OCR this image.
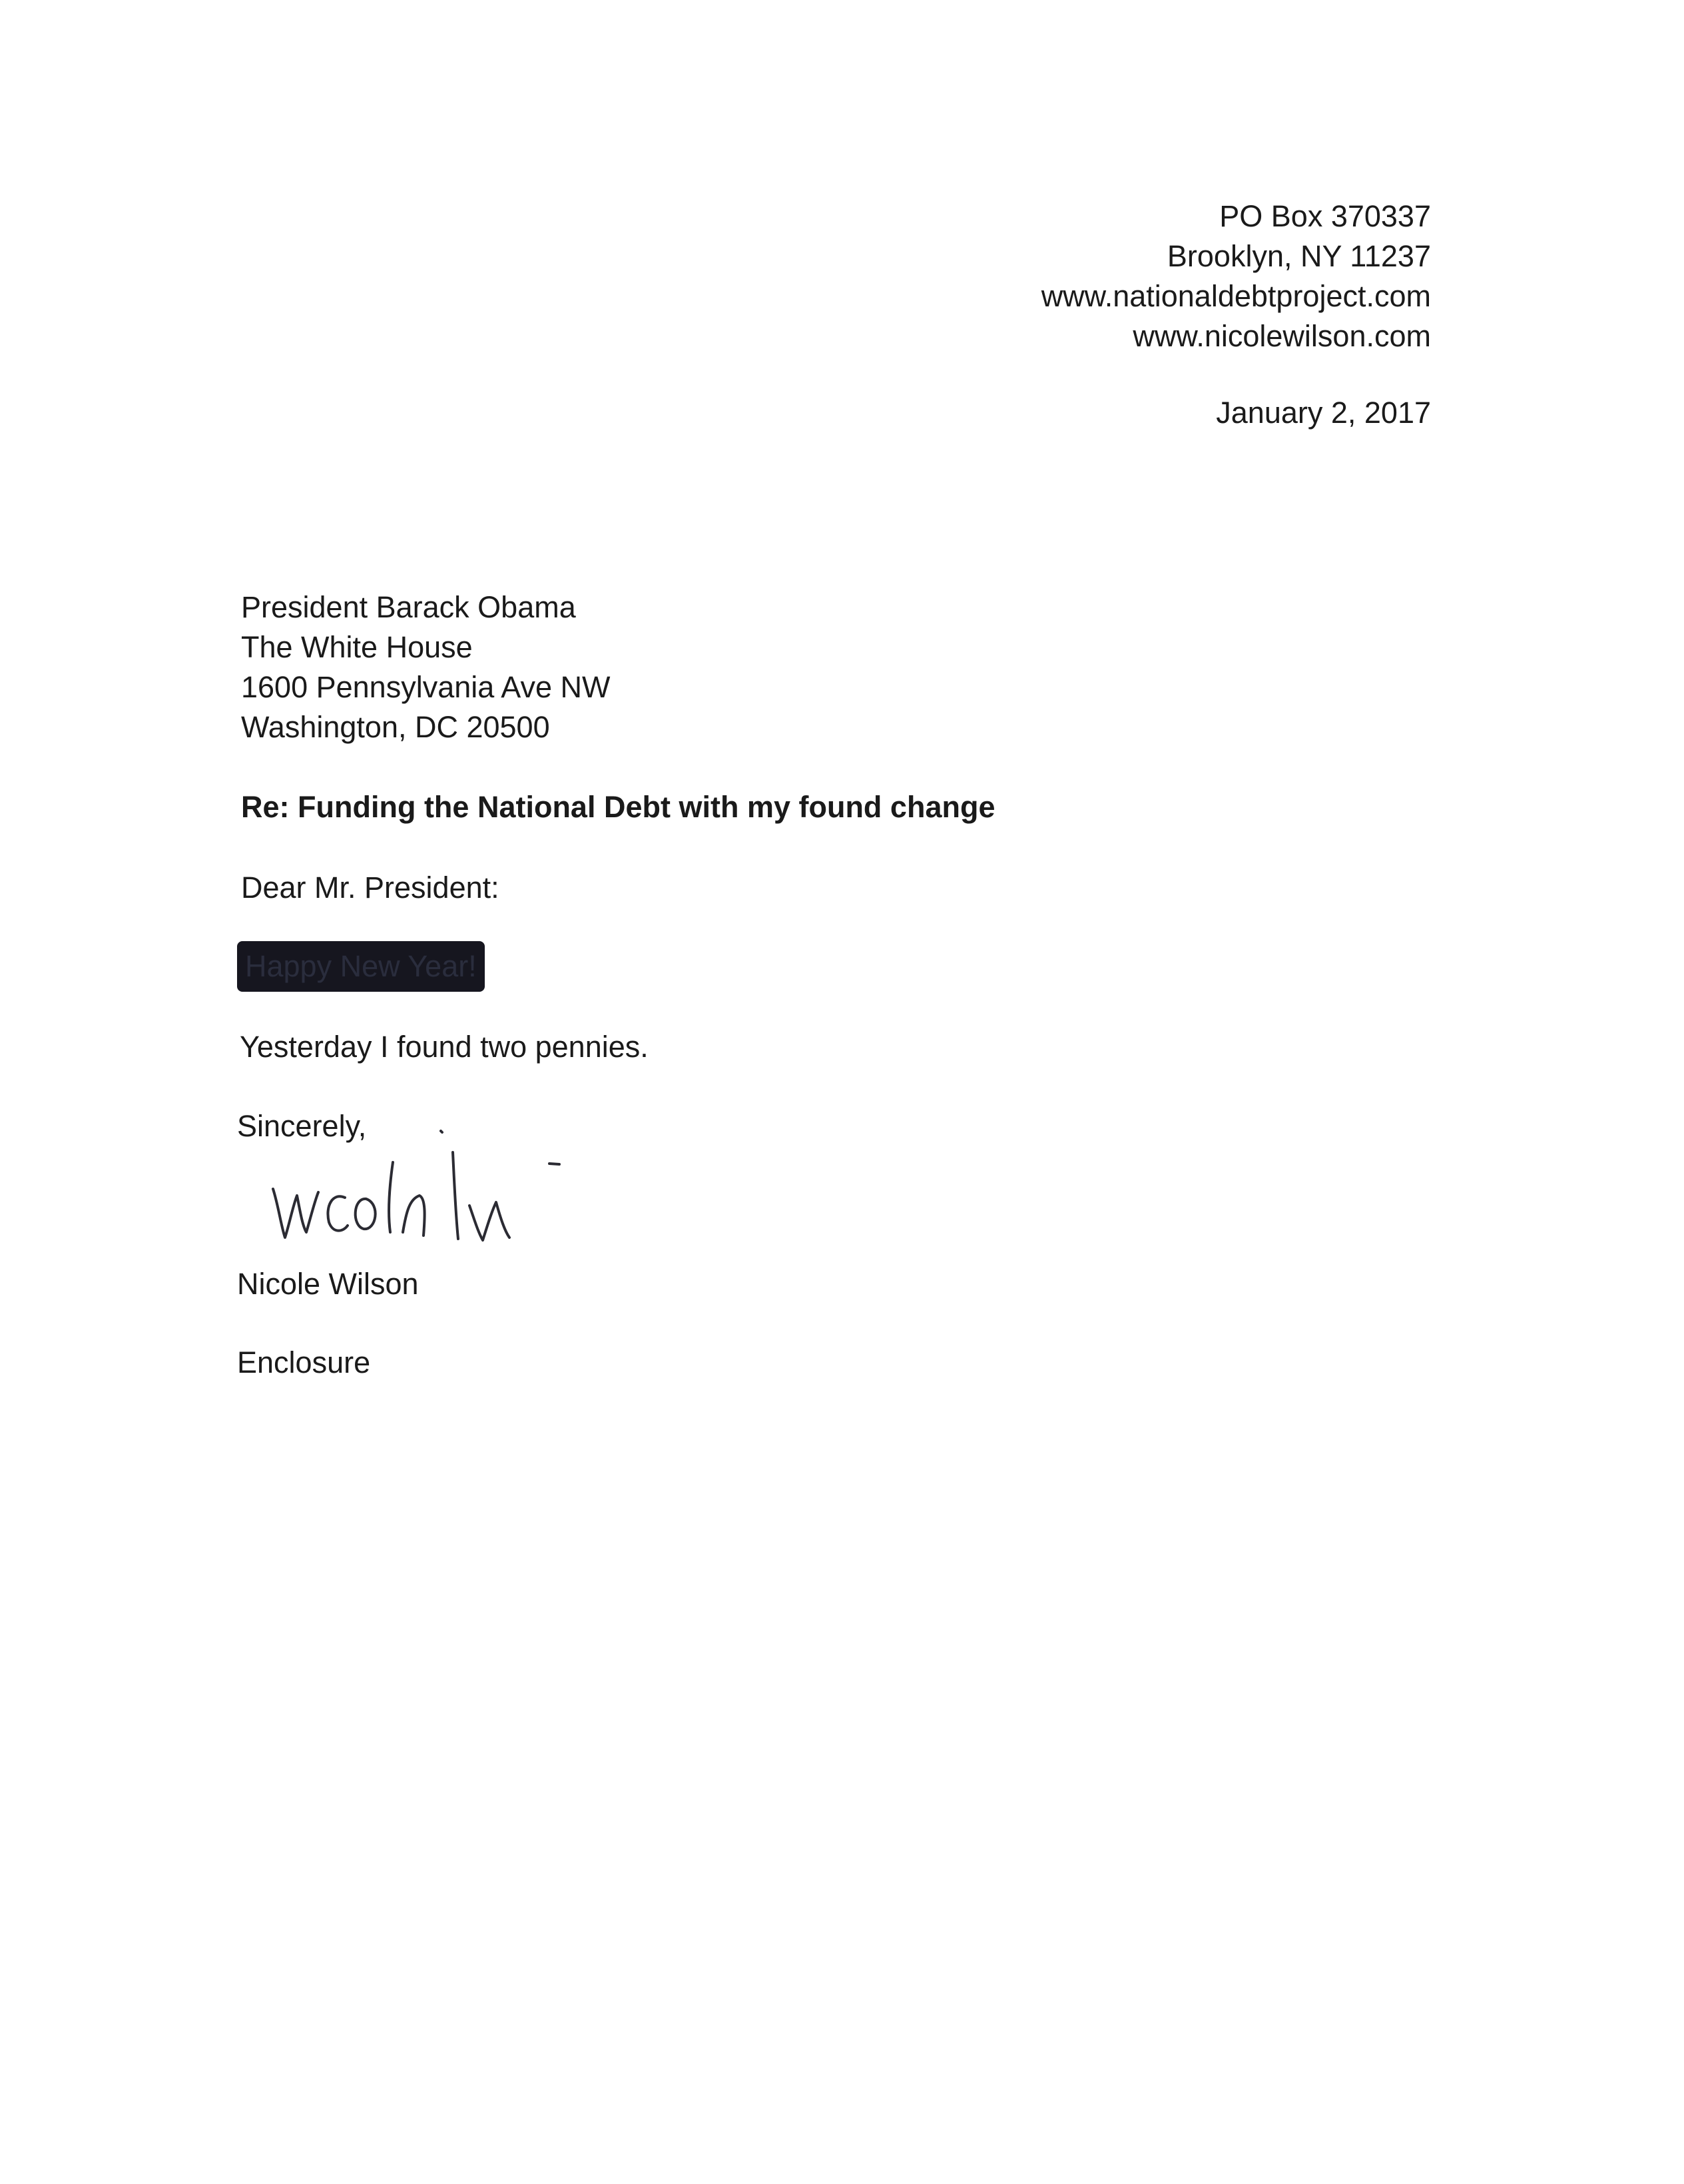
PO Box 370337
Brooklyn, NY 11237
www.nationaldebtproject.com
www.nicolewilson.com
January 2, 2017
President Barack Obama
The White House
1600 Pennsylvania Ave NW
Washington, DC 20500
Re: Funding the National Debt with my found change
Dear Mr. President:
Happy New Year!
Yesterday I found two pennies.
Sincerely,
Nicole Wilson
Enclosure
